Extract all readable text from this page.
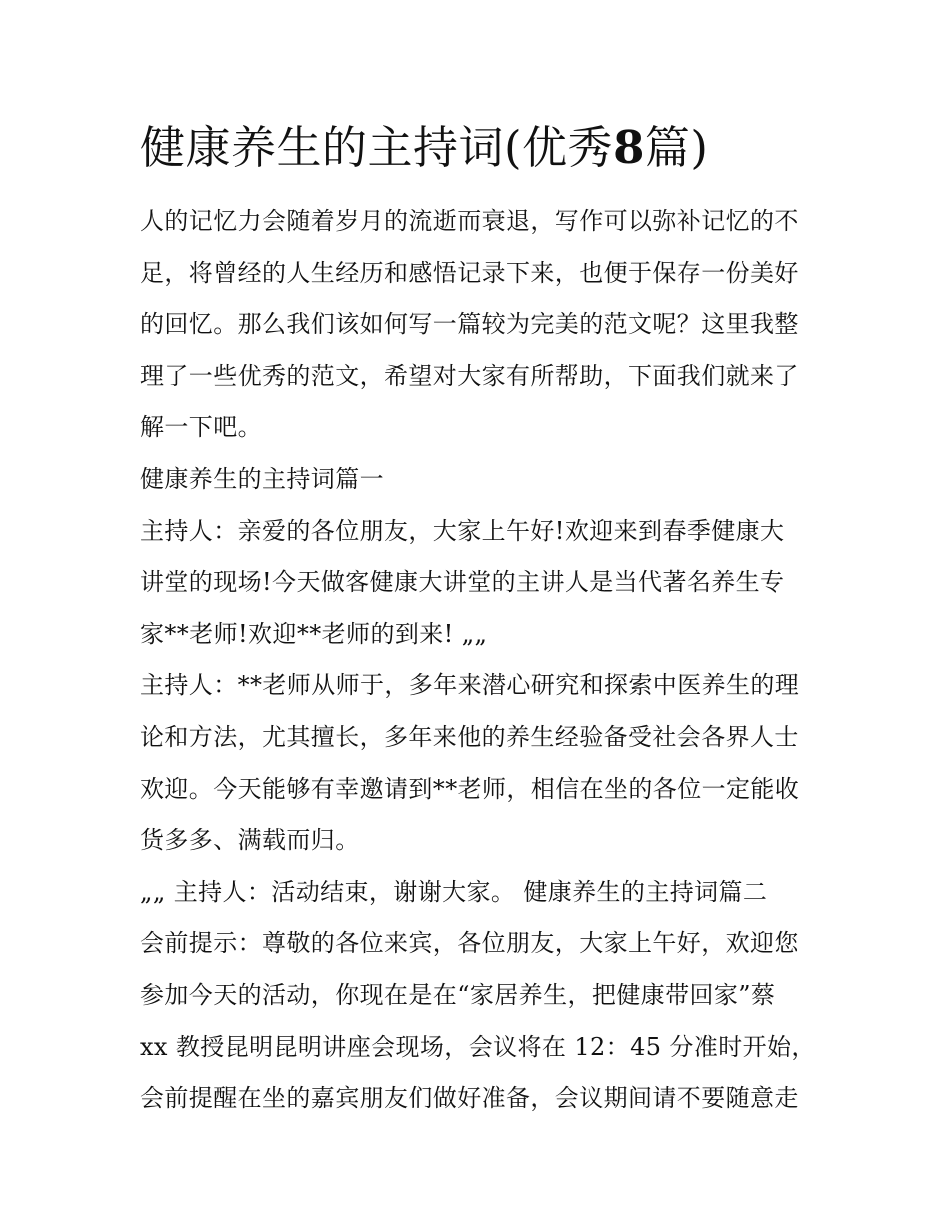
健康养生的主持词(优秀8篇)
人的记忆力会随着岁月的流逝而衰退，写作可以弥补记忆的不
足，将曾经的人生经历和感悟记录下来，也便于保存一份美好
的回忆。那么我们该如何写一篇较为完美的范文呢？这里我整
理了一些优秀的范文，希望对大家有所帮助，下面我们就来了
解一下吧。
健康养生的主持词篇一
主持人：亲爱的各位朋友，大家上午好!欢迎来到春季健康大
讲堂的现场!今天做客健康大讲堂的主讲人是当代著名养生专
家**老师!欢迎**老师的到来! „„
主持人：**老师从师于，多年来潜心研究和探索中医养生的理
论和方法，尤其擅长，多年来他的养生经验备受社会各界人士
欢迎。今天能够有幸邀请到**老师，相信在坐的各位一定能收
货多多、满载而归。
„„ 主持人：活动结束，谢谢大家。 健康养生的主持词篇二
会前提示：尊敬的各位来宾，各位朋友，大家上午好，欢迎您
参加今天的活动，你现在是在“家居养生，把健康带回家”蔡
xx 教授昆明昆明讲座会现场，会议将在 12：45 分准时开始，
会前提醒在坐的嘉宾朋友们做好准备，会议期间请不要随意走
